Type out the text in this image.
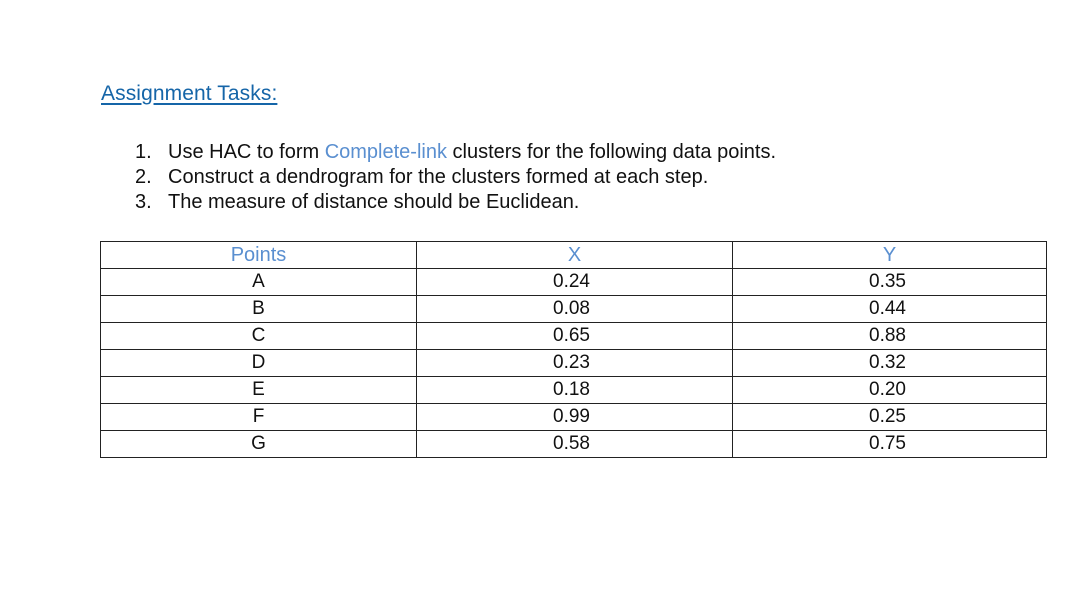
Assignment Tasks:
1. Use HAC to form Complete-link clusters for the following data points.
2. Construct a dendrogram for the clusters formed at each step.
3. The measure of distance should be Euclidean.
Points	X	Y
A	0.24	0.35
B	0.08	0.44
C	0.65	0.88
D	0.23	0.32
E	0.18	0.20
F	0.99	0.25
G	0.58	0.75
